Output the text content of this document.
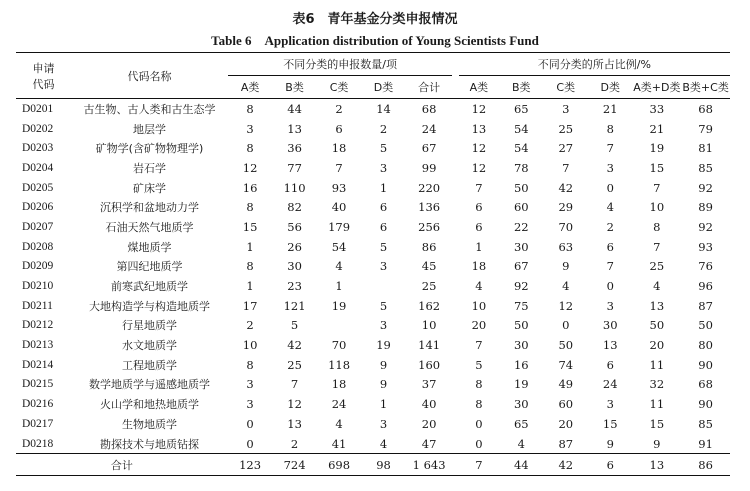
表6　青年基金分类申报情况
Table 6　Application distribution of Young Scientists Fund
申请
代码	代码名称	不同分类的申报数量/项						不同分类的所占比例/%					
		A类	B类	C类	D类	合计		A类	B类	C类	D类	A类+D类	B类+C类
D0201	古生物、古人类和古生态学	8	44	2	14	68		12	65	3	21	33	68
D0202	地层学	3	13	6	2	24		13	54	25	8	21	79
D0203	矿物学(含矿物物理学)	8	36	18	5	67		12	54	27	7	19	81
D0204	岩石学	12	77	7	3	99		12	78	7	3	15	85
D0205	矿床学	16	110	93	1	220		7	50	42	0	7	92
D0206	沉积学和盆地动力学	8	82	40	6	136		6	60	29	4	10	89
D0207	石油天然气地质学	15	56	179	6	256		6	22	70	2	8	92
D0208	煤地质学	1	26	54	5	86		1	30	63	6	7	93
D0209	第四纪地质学	8	30	4	3	45		18	67	9	7	25	76
D0210	前寒武纪地质学	1	23	1		25		4	92	4	0	4	96
D0211	大地构造学与构造地质学	17	121	19	5	162		10	75	12	3	13	87
D0212	行星地质学	2	5		3	10		20	50	0	30	50	50
D0213	水文地质学	10	42	70	19	141		7	30	50	13	20	80
D0214	工程地质学	8	25	118	9	160		5	16	74	6	11	90
D0215	数学地质学与遥感地质学	3	7	18	9	37		8	19	49	24	32	68
D0216	火山学和地热地质学	3	12	24	1	40		8	30	60	3	11	90
D0217	生物地质学	0	13	4	3	20		0	65	20	15	15	85
D0218	勘探技术与地质钻探	0	2	41	4	47		0	4	87	9	9	91
合计		123	724	698	98	1 643		7	44	42	6	13	86
